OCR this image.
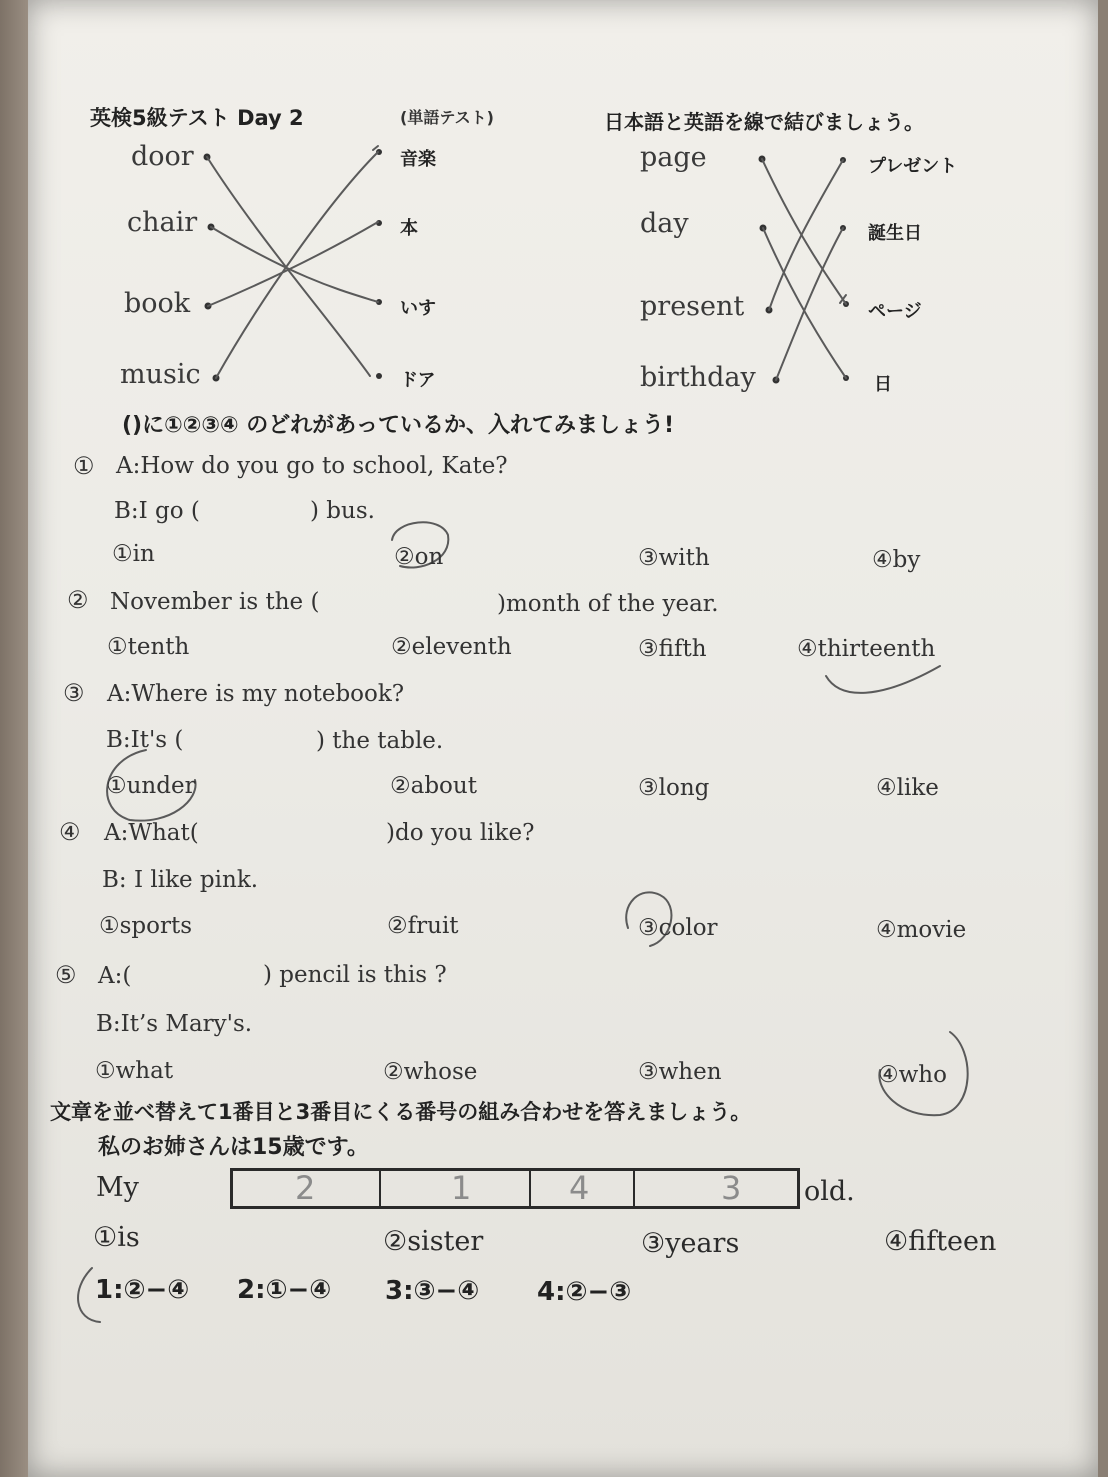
英検5級テスト Day 2	(単語テスト)	日本語と英語を線で結びましょう。
door
chair
book
music
音楽
本
いす
ドア
page
day
present
birthday
プレゼント
誕生日
ページ
日
()に①②③④ のどれがあっているか、入れてみましょう!
① A:How do you go to school, Kate?
B:I go (	) bus.
①in	②on	③with	④by
② November is the (	)month of the year.
①tenth	②eleventh	③fifth	④thirteenth
③ A:Where is my notebook?
B:It's (	) the table.
①under	②about	③long	④like
④ A:What(	)do you like?
B: I like pink.
①sports	②fruit	③color	④movie
⑤ A:(	) pencil is this ?
B:It’s Mary's.
①what	②whose	③when	④who
文章を並べ替えて1番目と3番目にくる番号の組み合わせを答えましょう。
私のお姉さんは15歳です。
My	2	1	4	3 old.
①is	②sister	③years	④fifteen
1:②−④ 2:①−④ 3:③−④ 4:②−③
